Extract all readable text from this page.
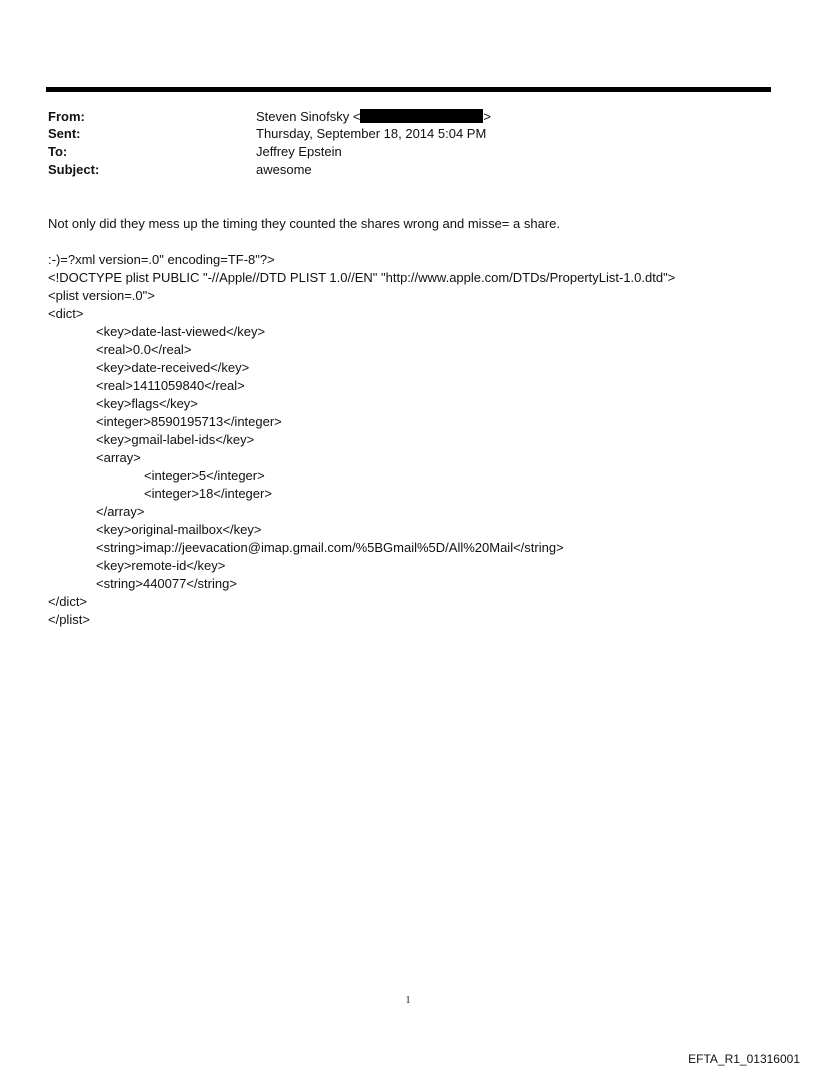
From:	Steven Sinofsky <	>
Sent:	Thursday, September 18, 2014 5:04 PM
To:	Jeffrey Epstein
Subject:	awesome
Not only did they mess up the timing they counted the shares wrong and misse= a share.
:-)=?xml version=.0" encoding=TF-8"?>
<!DOCTYPE plist PUBLIC "-//Apple//DTD PLIST 1.0//EN" "http://www.apple.com/DTDs/PropertyList-1.0.dtd">
<plist version=.0">
<dict>
<key>date-last-viewed</key>
<real>0.0</real>
<key>date-received</key>
<real>1411059840</real>
<key>flags</key>
<integer>8590195713</integer>
<key>gmail-label-ids</key>
<array>
<integer>5</integer>
<integer>18</integer>
</array>
<key>original-mailbox</key>
<string>imap://jeevacation@imap.gmail.com/%5BGmail%5D/All%20Mail</string>
<key>remote-id</key>
<string>440077</string>
</dict>
</plist>
1
EFTA_R1_01316001
